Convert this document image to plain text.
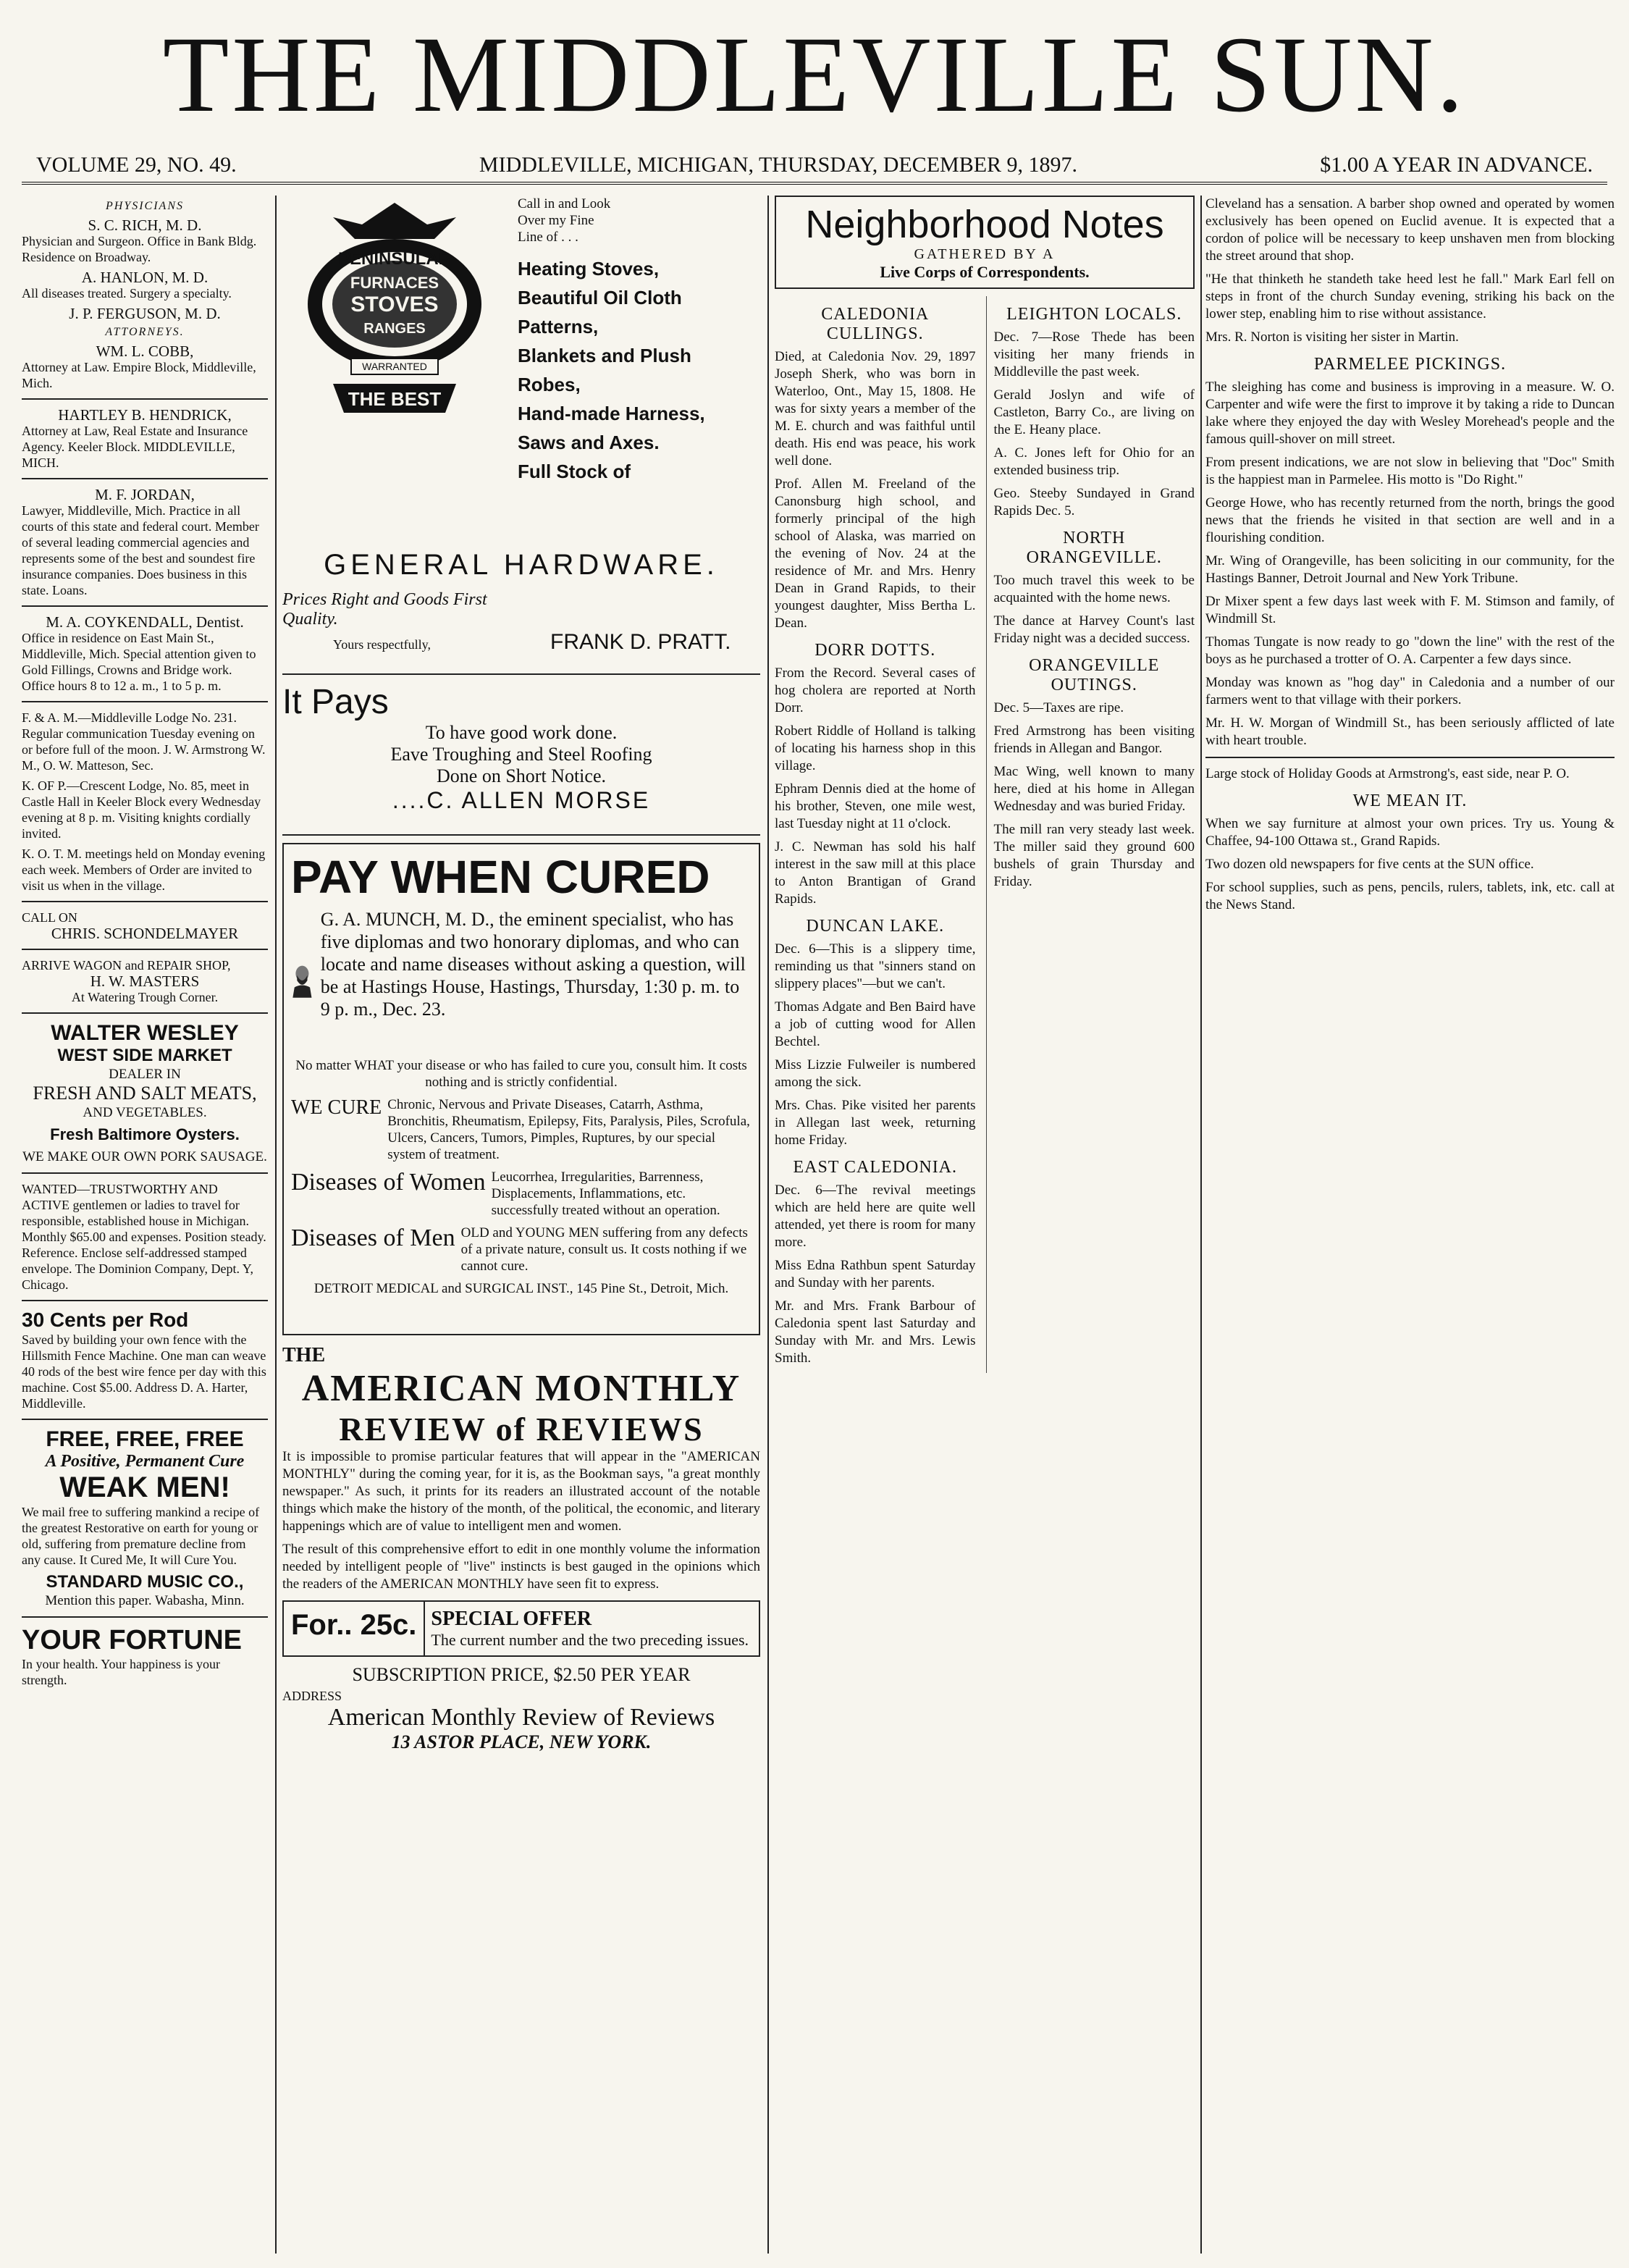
THE MIDDLEVILLE SUN.
VOLUME 29, NO. 49.	MIDDLEVILLE, MICHIGAN, THURSDAY, DECEMBER 9, 1897.	$1.00 A YEAR IN ADVANCE.
PHYSICIANS
S. C. RICH, M. D.
Physician and Surgeon. Office in Bank Bldg. Residence on Broadway.
A. HANLON, M. D.
All diseases treated. Surgery a specialty.
J. P. FERGUSON, M. D.
ATTORNEYS.
WM. L. COBB,
Attorney at Law. Empire Block, Middleville, Mich.
HARTLEY B. HENDRICK,
Attorney at Law, Real Estate and Insurance Agency. Keeler Block. MIDDLEVILLE, MICH.
M. F. JORDAN,
Lawyer, Middleville, Mich. Practice in all courts of this state and federal court. Member of several leading commercial agencies and represents some of the best and soundest fire insurance companies. Does business in this state. Loans.
M. A. COYKENDALL, Dentist.
Office in residence on East Main St., Middleville, Mich. Special attention given to Gold Fillings, Crowns and Bridge work. Office hours 8 to 12 a. m., 1 to 5 p. m.
F. & A. M.—Middleville Lodge No. 231. Regular communication Tuesday evening on or before full of the moon. J. W. Armstrong W. M., O. W. Matteson, Sec.
K. OF P.—Crescent Lodge, No. 85, meet in Castle Hall in Keeler Block every Wednesday evening at 8 p. m. Visiting knights cordially invited.
K. O. T. M. meetings held on Monday evening each week. Members of Order are invited to visit us when in the village.
CALL ON
CHRIS. SCHONDELMAYER
ARRIVE WAGON and REPAIR SHOP,
H. W. MASTERS
At Watering Trough Corner.
WALTER WESLEY
WEST SIDE MARKET
DEALER IN
FRESH AND SALT MEATS,
AND VEGETABLES.
Fresh Baltimore Oysters.
WE MAKE OUR OWN PORK SAUSAGE.
WANTED—TRUSTWORTHY AND ACTIVE gentlemen or ladies to travel for responsible, established house in Michigan. Monthly $65.00 and expenses. Position steady. Reference. Enclose self-addressed stamped envelope. The Dominion Company, Dept. Y, Chicago.
30 Cents per Rod
Saved by building your own fence with the Hillsmith Fence Machine. One man can weave 40 rods of the best wire fence per day with this machine. Cost $5.00. Address D. A. Harter, Middleville.
FREE, FREE, FREE
A Positive, Permanent Cure
WEAK MEN!
We mail free to suffering mankind a recipe of the greatest Restorative on earth for young or old, suffering from premature decline from any cause. It Cured Me, It will Cure You.
STANDARD MUSIC CO.,
Mention this paper. Wabasha, Minn.
YOUR FORTUNE
In your health. Your happiness is your strength.
FURNACES
STOVES
RANGES
PENINSULAR
WARRANTED
THE BEST
Call in and Look
Over my Fine
Line of . . .
Heating Stoves,
Beautiful Oil Cloth Patterns,
Blankets and Plush Robes,
Hand-made Harness,
Saws and Axes.
Full Stock of
GENERAL HARDWARE.
Prices Right and Goods First Quality.
Yours respectfully,	FRANK D. PRATT.
It Pays
To have good work done.
Eave Troughing and Steel Roofing
Done on Short Notice.
....C. ALLEN MORSE
PAY WHEN CURED
G. A. MUNCH, M. D., the eminent specialist, who has five diplomas and two honorary diplomas, and who can locate and name diseases without asking a question, will be at Hastings House, Hastings, Thursday, 1:30 p. m. to 9 p. m., Dec. 23.
No matter WHAT your disease or who has failed to cure you, consult him. It costs nothing and is strictly confidential.
WE CURE Chronic, Nervous and Private Diseases, Catarrh, Asthma, Bronchitis, Rheumatism, Epilepsy, Fits, Paralysis, Piles, Scrofula, Ulcers, Cancers, Tumors, Pimples, Ruptures, by our special system of treatment.
Diseases of Women Leucorrhea, Irregularities, Barrenness, Displacements, Inflammations, etc. successfully treated without an operation.
Diseases of Men OLD and YOUNG MEN suffering from any defects of a private nature, consult us. It costs nothing if we cannot cure.
DETROIT MEDICAL and SURGICAL INST., 145 Pine St., Detroit, Mich.
THE
AMERICAN MONTHLY
REVIEW of REVIEWS

It is impossible to promise particular features that will appear in the "AMERICAN MONTHLY" during the coming year, for it is, as the Bookman says, "a great monthly newspaper." As such, it prints for its readers an illustrated account of the notable things which make the history of the month, of the political, the economic, and literary happenings which are of value to intelligent men and women.

The result of this comprehensive effort to edit in one monthly volume the information needed by intelligent people of "live" instincts is best gauged in the opinions which the readers of the AMERICAN MONTHLY have seen fit to express.

For.. 25c. SPECIAL OFFER
The current number and the two preceding issues.
SUBSCRIPTION PRICE, $2.50 PER YEAR
ADDRESS
American Monthly Review of Reviews
13 ASTOR PLACE, NEW YORK.
Neighborhood Notes
GATHERED BY A
Live Corps of Correspondents.
CALEDONIA CULLINGS.

Died, at Caledonia Nov. 29, 1897 Joseph Sherk, who was born in Waterloo, Ont., May 15, 1808. He was for sixty years a member of the M. E. church and was faithful until death. His end was peace, his work well done.

Prof. Allen M. Freeland of the Canonsburg high school, and formerly principal of the high school of Alaska, was married on the evening of Nov. 24 at the residence of Mr. and Mrs. Henry Dean in Grand Rapids, to their youngest daughter, Miss Bertha L. Dean.

DORR DOTTS.

From the Record. Several cases of hog cholera are reported at North Dorr.

Robert Riddle of Holland is talking of locating his harness shop in this village.

Ephram Dennis died at the home of his brother, Steven, one mile west, last Tuesday night at 11 o'clock.

J. C. Newman has sold his half interest in the saw mill at this place to Anton Brantigan of Grand Rapids.

DUNCAN LAKE.

Dec. 6—This is a slippery time, reminding us that "sinners stand on slippery places"—but we can't.

Thomas Adgate and Ben Baird have a job of cutting wood for Allen Bechtel.

Miss Lizzie Fulweiler is numbered among the sick.

Mrs. Chas. Pike visited her parents in Allegan last week, returning home Friday.

EAST CALEDONIA.

Dec. 6—The revival meetings which are held here are quite well attended, yet there is room for many more.

Miss Edna Rathbun spent Saturday and Sunday with her parents.

Mr. and Mrs. Frank Barbour of Caledonia spent last Saturday and Sunday with Mr. and Mrs. Lewis Smith.

LEIGHTON LOCALS.

Dec. 7—Rose Thede has been visiting her many friends in Middleville the past week.

Gerald Joslyn and wife of Castleton, Barry Co., are living on the E. Heany place.

A. C. Jones left for Ohio for an extended business trip.

Geo. Steeby Sundayed in Grand Rapids Dec. 5.

NORTH ORANGEVILLE.

Too much travel this week to be acquainted with the home news.

The dance at Harvey Count's last Friday night was a decided success.

ORANGEVILLE OUTINGS.

Dec. 5—Taxes are ripe.

Fred Armstrong has been visiting friends in Allegan and Bangor.

Mac Wing, well known to many here, died at his home in Allegan Wednesday and was buried Friday.

The mill ran very steady last week. The miller said they ground 600 bushels of grain Thursday and Friday.

Cleveland has a sensation. A barber shop owned and operated by women exclusively has been opened on Euclid avenue. It is expected that a cordon of police will be necessary to keep unshaven men from blocking the street around that shop.

"He that thinketh he standeth take heed lest he fall." Mark Earl fell on steps in front of the church Sunday evening, striking his back on the lower step, enabling him to rise without assistance.

Mrs. R. Norton is visiting her sister in Martin.

PARMELEE PICKINGS.

The sleighing has come and business is improving in a measure. W. O. Carpenter and wife were the first to improve it by taking a ride to Duncan lake where they enjoyed the day with Wesley Morehead's people and the famous quill-shover on mill street.

From present indications, we are not slow in believing that "Doc" Smith is the happiest man in Parmelee. His motto is "Do Right."

George Howe, who has recently returned from the north, brings the good news that the friends he visited in that section are well and in a flourishing condition.

Mr. Wing of Orangeville, has been soliciting in our community, for the Hastings Banner, Detroit Journal and New York Tribune.

Dr Mixer spent a few days last week with F. M. Stimson and family, of Windmill St.

Thomas Tungate is now ready to go "down the line" with the rest of the boys as he purchased a trotter of O. A. Carpenter a few days since.

Monday was known as "hog day" in Caledonia and a number of our farmers went to that village with their porkers.

Mr. H. W. Morgan of Windmill St., has been seriously afflicted of late with heart trouble.

Large stock of Holiday Goods at Armstrong's, east side, near P. O.

WE MEAN IT.

When we say furniture at almost your own prices. Try us. Young & Chaffee, 94-100 Ottawa st., Grand Rapids.

Two dozen old newspapers for five cents at the SUN office.

For school supplies, such as pens, pencils, rulers, tablets, ink, etc. call at the News Stand.
